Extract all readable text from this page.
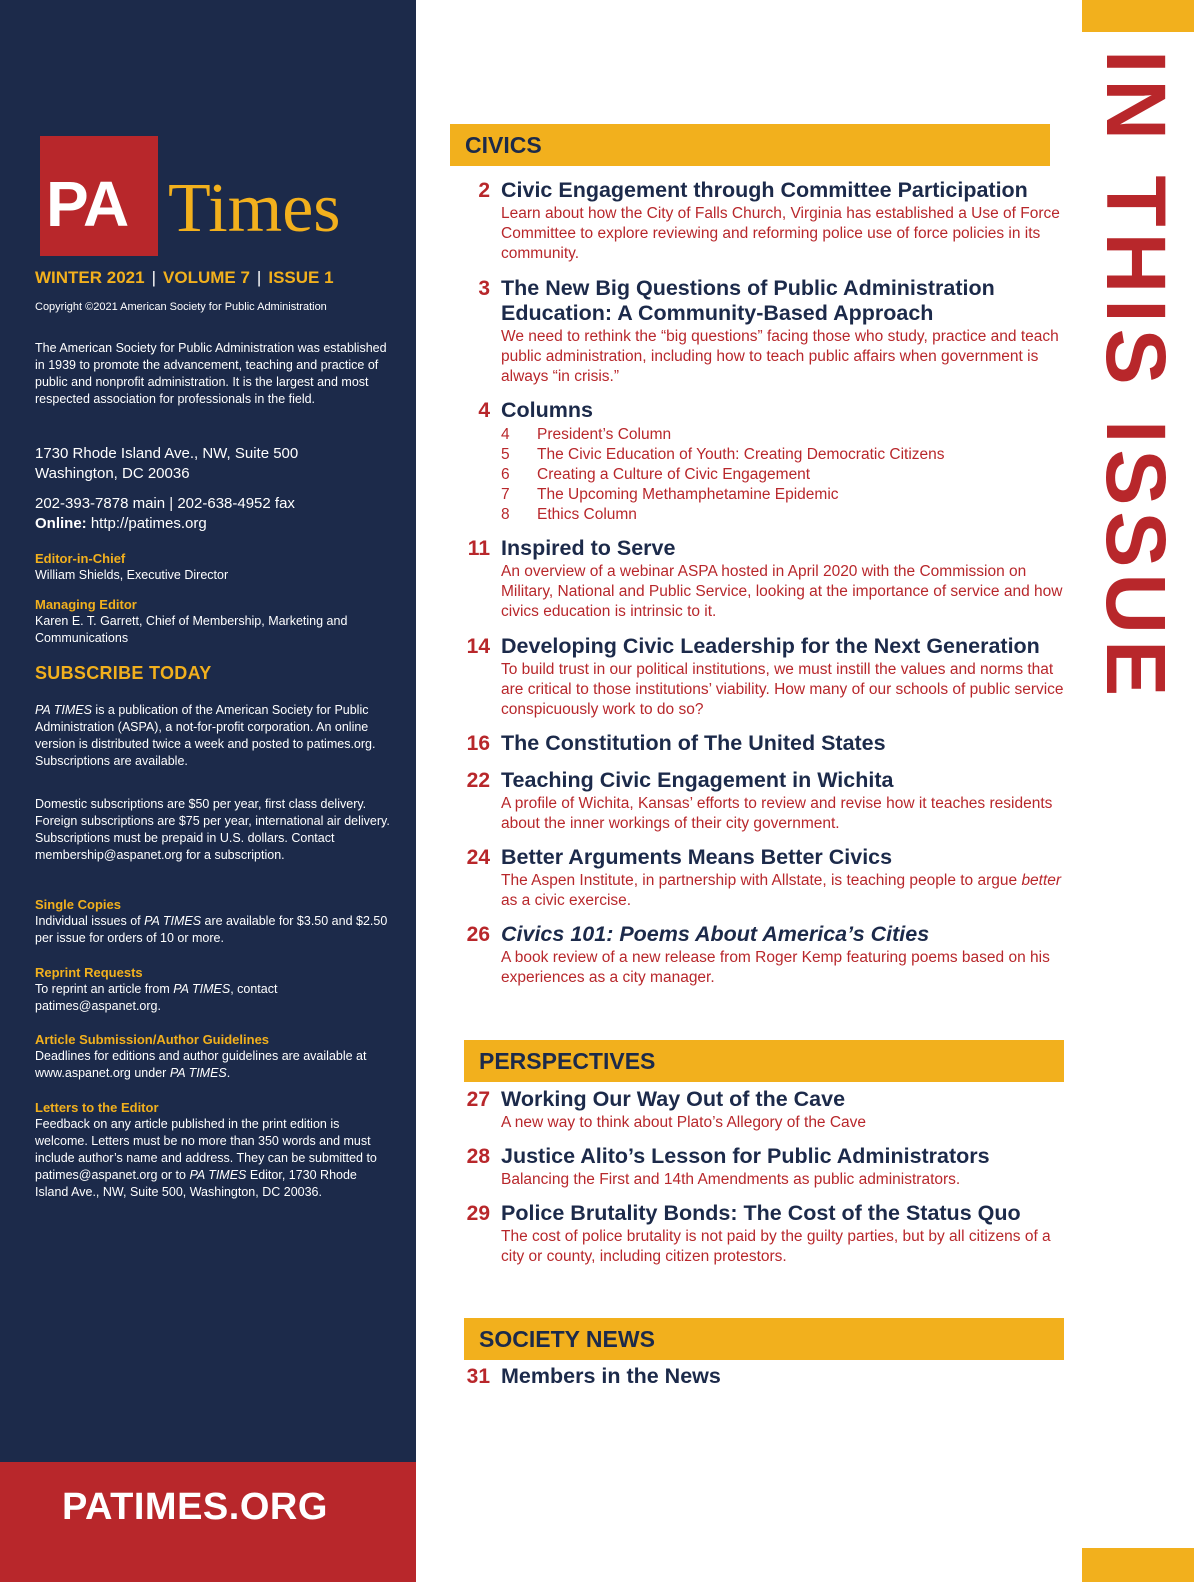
PA Times
WINTER 2021 | VOLUME 7 | ISSUE 1
Copyright ©2021 American Society for Public Administration
The American Society for Public Administration was established in 1939 to promote the advancement, teaching and practice of public and nonprofit administration. It is the largest and most respected association for professionals in the field.
1730 Rhode Island Ave., NW, Suite 500
Washington, DC 20036
202-393-7878 main | 202-638-4952 fax
Online: http://patimes.org
Editor-in-Chief
William Shields, Executive Director
Managing Editor
Karen E. T. Garrett, Chief of Membership, Marketing and Communications
SUBSCRIBE TODAY
PA TIMES is a publication of the American Society for Public Administration (ASPA), a not-for-profit corporation. An online version is distributed twice a week and posted to patimes.org. Subscriptions are available.
Domestic subscriptions are $50 per year, first class delivery. Foreign subscriptions are $75 per year, international air delivery. Subscriptions must be prepaid in U.S. dollars. Contact membership@aspanet.org for a subscription.
Single Copies
Individual issues of PA TIMES are available for $3.50 and $2.50 per issue for orders of 10 or more.
Reprint Requests
To reprint an article from PA TIMES, contact patimes@aspanet.org.
Article Submission/Author Guidelines
Deadlines for editions and author guidelines are available at www.aspanet.org under PA TIMES.
Letters to the Editor
Feedback on any article published in the print edition is welcome. Letters must be no more than 350 words and must include author’s name and address. They can be submitted to patimes@aspanet.org or to PA TIMES Editor, 1730 Rhode Island Ave., NW, Suite 500, Washington, DC 20036.
PATIMES.ORG
IN THIS ISSUE
CIVICS
2 Civic Engagement through Committee Participation
Learn about how the City of Falls Church, Virginia has established a Use of Force Committee to explore reviewing and reforming police use of force policies in its community.
3 The New Big Questions of Public Administration Education: A Community-Based Approach
We need to rethink the “big questions” facing those who study, practice and teach public administration, including how to teach public affairs when government is always “in crisis.”
4 Columns
4 President’s Column
5 The Civic Education of Youth: Creating Democratic Citizens
6 Creating a Culture of Civic Engagement
7 The Upcoming Methamphetamine Epidemic
8 Ethics Column
11 Inspired to Serve
An overview of a webinar ASPA hosted in April 2020 with the Commission on Military, National and Public Service, looking at the importance of service and how civics education is intrinsic to it.
14 Developing Civic Leadership for the Next Generation
To build trust in our political institutions, we must instill the values and norms that are critical to those institutions’ viability. How many of our schools of public service conspicuously work to do so?
16 The Constitution of The United States
22 Teaching Civic Engagement in Wichita
A profile of Wichita, Kansas’ efforts to review and revise how it teaches residents about the inner workings of their city government.
24 Better Arguments Means Better Civics
The Aspen Institute, in partnership with Allstate, is teaching people to argue better as a civic exercise.
26 Civics 101: Poems About America’s Cities
A book review of a new release from Roger Kemp featuring poems based on his experiences as a city manager.
PERSPECTIVES
27 Working Our Way Out of the Cave
A new way to think about Plato’s Allegory of the Cave
28 Justice Alito’s Lesson for Public Administrators
Balancing the First and 14th Amendments as public administrators.
29 Police Brutality Bonds: The Cost of the Status Quo
The cost of police brutality is not paid by the guilty parties, but by all citizens of a city or county, including citizen protestors.
SOCIETY NEWS
31 Members in the News
